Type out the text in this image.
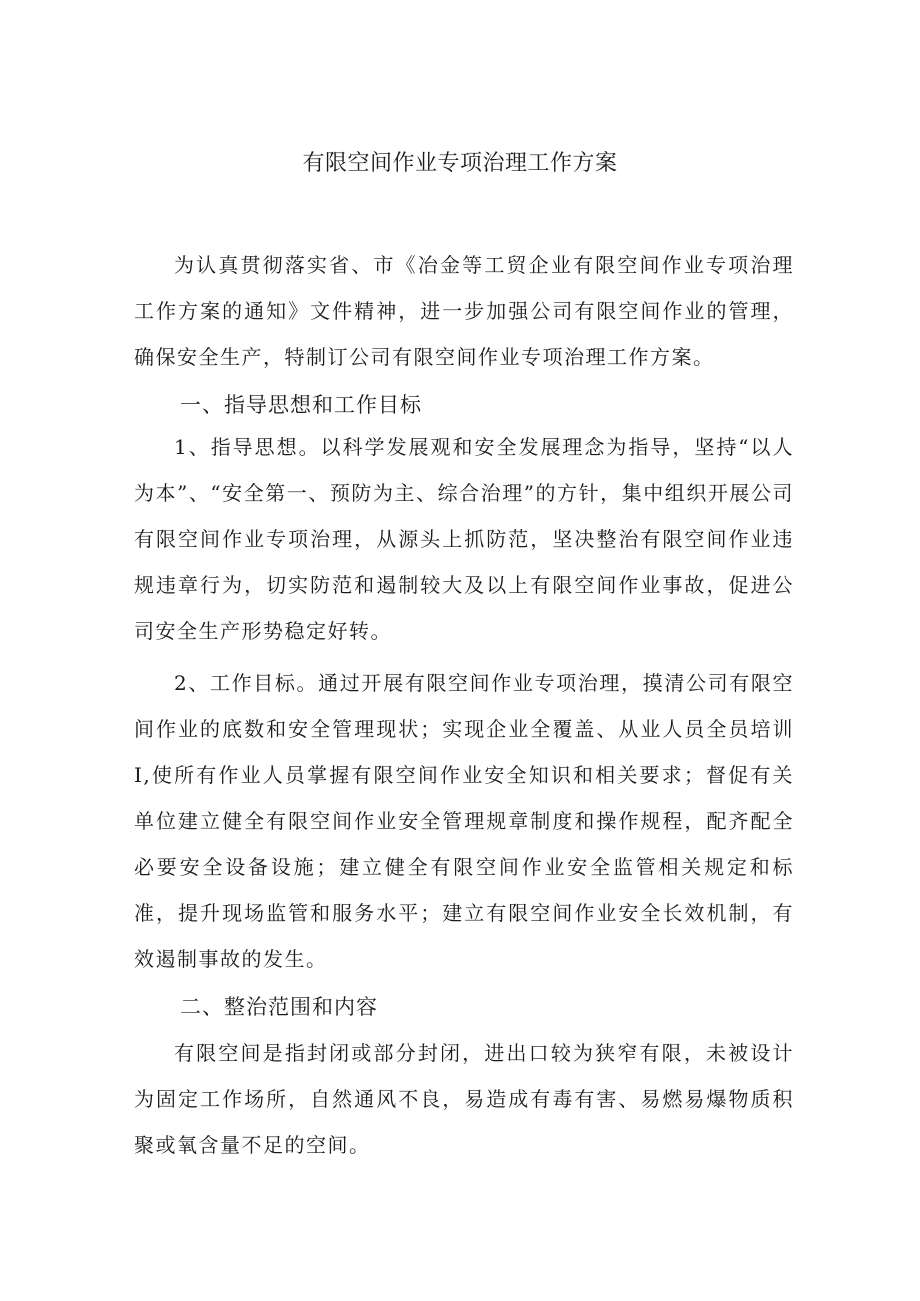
有限空间作业专项治理工作方案

为认真贯彻落实省、市《冶金等工贸企业有限空间作业专项治理工作方案的通知》文件精神，进一步加强公司有限空间作业的管理，确保安全生产，特制订公司有限空间作业专项治理工作方案。

一、指导思想和工作目标

1、指导思想。以科学发展观和安全发展理念为指导，坚持“以人为本”、“安全第一、预防为主、综合治理”的方针，集中组织开展公司有限空间作业专项治理，从源头上抓防范，坚决整治有限空间作业违规违章行为，切实防范和遏制较大及以上有限空间作业事故，促进公司安全生产形势稳定好转。

2、工作目标。通过开展有限空间作业专项治理，摸清公司有限空间作业的底数和安全管理现状；实现企业全覆盖、从业人员全员培训I,使所有作业人员掌握有限空间作业安全知识和相关要求；督促有关单位建立健全有限空间作业安全管理规章制度和操作规程，配齐配全必要安全设备设施；建立健全有限空间作业安全监管相关规定和标准，提升现场监管和服务水平；建立有限空间作业安全长效机制，有效遏制事故的发生。

二、整治范围和内容

有限空间是指封闭或部分封闭，进出口较为狭窄有限，未被设计为固定工作场所，自然通风不良，易造成有毒有害、易燃易爆物质积聚或氧含量不足的空间。
